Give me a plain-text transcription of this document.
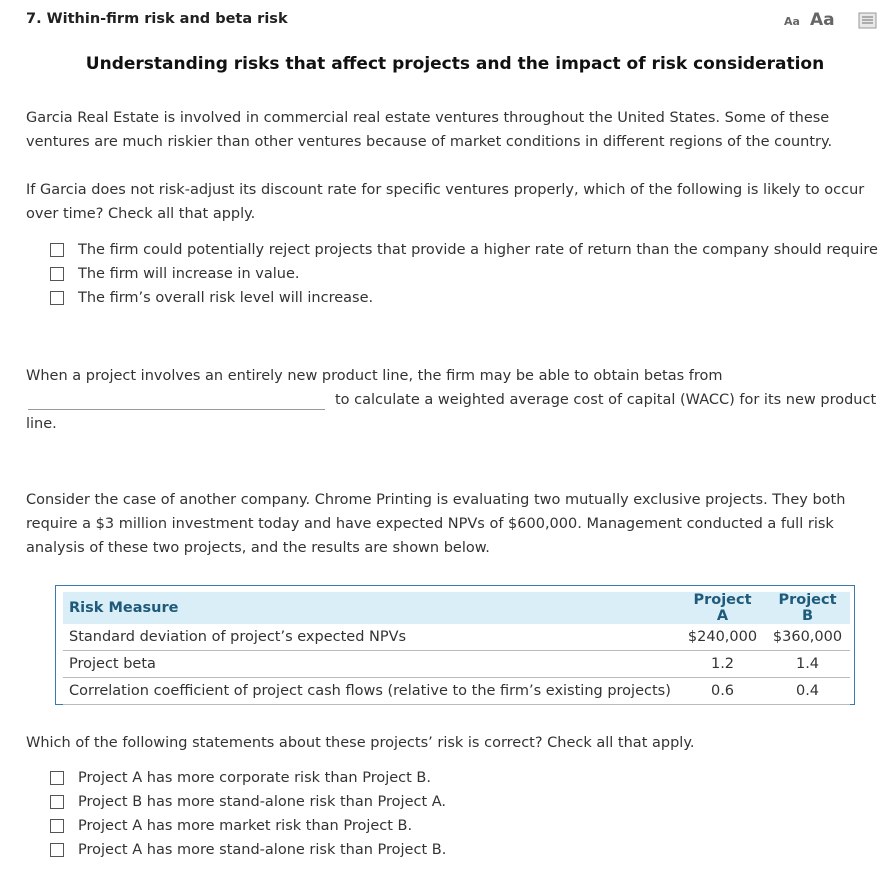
7. Within-firm risk and beta risk	Aa Aa
Understanding risks that affect projects and the impact of risk consideration

Garcia Real Estate is involved in commercial real estate ventures throughout the United States. Some of these ventures are much riskier than other ventures because of market conditions in different regions of the country.

If Garcia does not risk-adjust its discount rate for specific ventures properly, which of the following is likely to occur over time? Check all that apply.

The firm could potentially reject projects that provide a higher rate of return than the company should require
The firm will increase in value.
The firm’s overall risk level will increase.
When a project involves an entirely new product line, the firm may be able to obtain betas from
to calculate a weighted average cost of capital (WACC) for its new product
line.

Consider the case of another company. Chrome Printing is evaluating two mutually exclusive projects. They both require a $3 million investment today and have expected NPVs of $600,000. Management conducted a full risk analysis of these two projects, and the results are shown below.

Risk Measure	Project A	Project B
Standard deviation of project’s expected NPVs	$240,000	$360,000
Project beta	1.2	1.4
Correlation coefficient of project cash flows (relative to the firm’s existing projects)	0.6	0.4

Which of the following statements about these projects’ risk is correct? Check all that apply.

Project A has more corporate risk than Project B.
Project B has more stand-alone risk than Project A.
Project A has more market risk than Project B.
Project A has more stand-alone risk than Project B.
